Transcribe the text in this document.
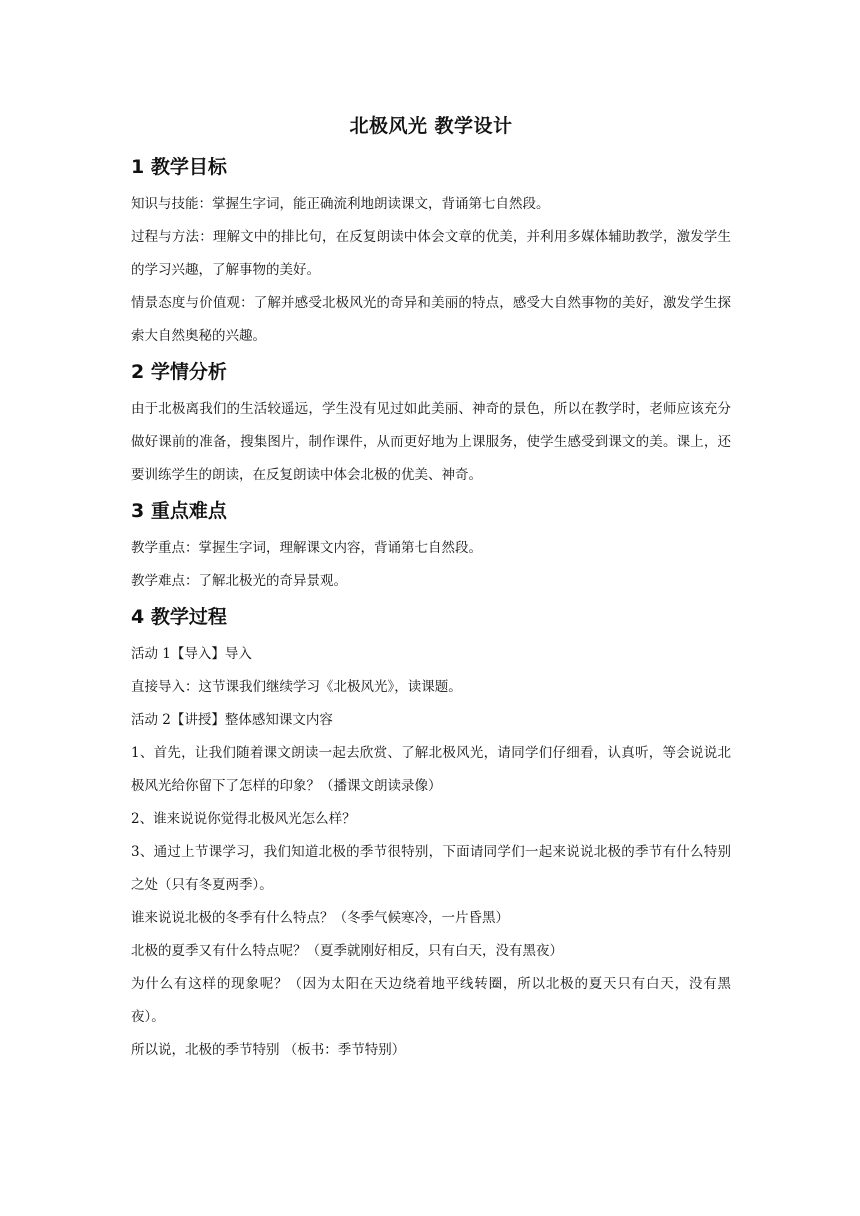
北极风光 教学设计
1 教学目标

知识与技能：掌握生字词，能正确流利地朗读课文，背诵第七自然段。

过程与方法：理解文中的排比句，在反复朗读中体会文章的优美，并利用多媒体辅助教学，激发学生的学习兴趣，了解事物的美好。

情景态度与价值观：了解并感受北极风光的奇异和美丽的特点，感受大自然事物的美好，激发学生探索大自然奥秘的兴趣。

2 学情分析

由于北极离我们的生活较遥远，学生没有见过如此美丽、神奇的景色，所以在教学时，老师应该充分做好课前的准备，搜集图片，制作课件，从而更好地为上课服务，使学生感受到课文的美。课上，还要训练学生的朗读，在反复朗读中体会北极的优美、神奇。

3 重点难点

教学重点：掌握生字词，理解课文内容，背诵第七自然段。

教学难点：了解北极光的奇异景观。

4 教学过程

活动 1【导入】导入

直接导入：这节课我们继续学习《北极风光》，读课题。

活动 2【讲授】整体感知课文内容

1、首先，让我们随着课文朗读一起去欣赏、了解北极风光，请同学们仔细看，认真听，等会说说北极风光给你留下了怎样的印象？（播课文朗读录像）

2、谁来说说你觉得北极风光怎么样？

3、通过上节课学习，我们知道北极的季节很特别，下面请同学们一起来说说北极的季节有什么特别之处（只有冬夏两季）。

谁来说说北极的冬季有什么特点？（冬季气候寒冷，一片昏黑）

北极的夏季又有什么特点呢？（夏季就刚好相反，只有白天，没有黑夜）

为什么有这样的现象呢？（因为太阳在天边绕着地平线转圈，所以北极的夏天只有白天，没有黑夜）。

所以说，北极的季节特别 （板书：季节特别）
